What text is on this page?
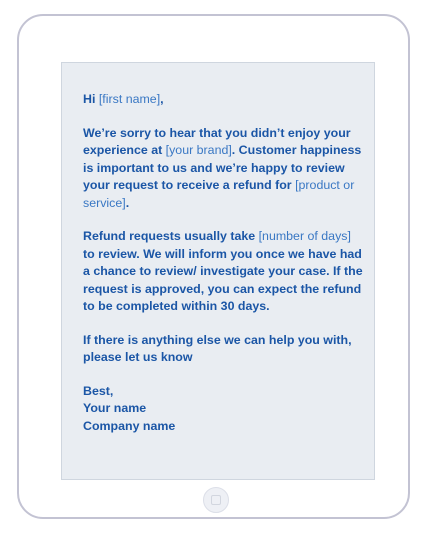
Hi [first name],

We’re sorry to hear that you didn’t enjoy your experience at [your brand]. Customer happiness is important to us and we’re happy to review your request to receive a refund for [product or service].

Refund requests usually take [number of days] to review. We will inform you once we have had a chance to review/ investigate your case. If the request is approved, you can expect the refund to be completed within 30 days.

If there is anything else we can help you with, please let us know

Best,
Your name
Company name
